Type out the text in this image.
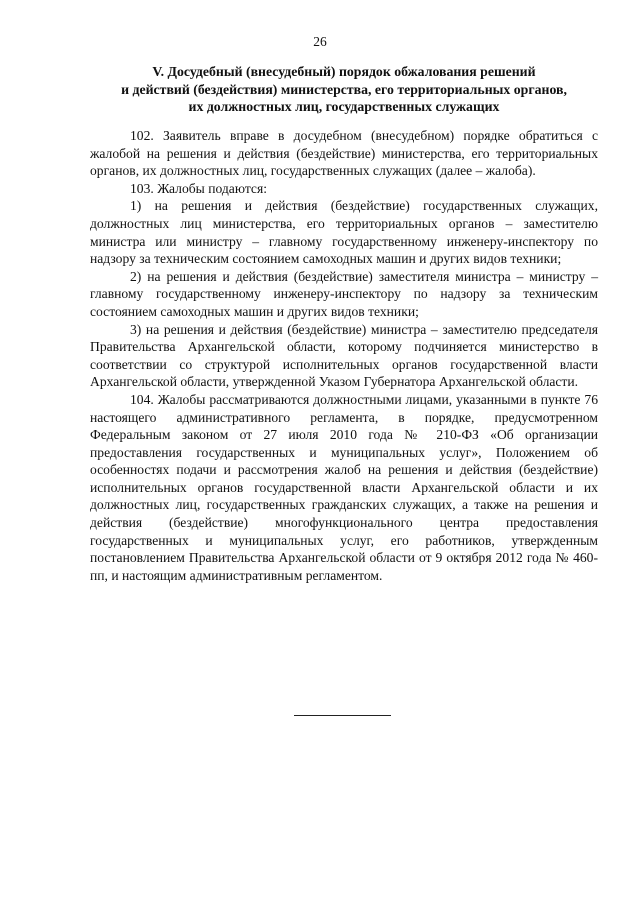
26
V. Досудебный (внесудебный) порядок обжалования решений
и действий (бездействия) министерства, его территориальных органов,
их должностных лиц, государственных служащих

102. Заявитель вправе в досудебном (внесудебном) порядке обратиться с жалобой на решения и действия (бездействие) министерства, его территориальных органов, их должностных лиц, государственных служащих (далее – жалоба).

103. Жалобы подаются:

1) на решения и действия (бездействие) государственных служащих, должностных лиц министерства, его территориальных органов – заместителю министра или министру – главному государственному инженеру-инспектору по надзору за техническим состоянием самоходных машин и других видов техники;

2) на решения и действия (бездействие) заместителя министра – министру – главному государственному инженеру-инспектору по надзору за техническим состоянием самоходных машин и других видов техники;

3) на решения и действия (бездействие) министра – заместителю председателя Правительства Архангельской области, которому подчиняется министерство в соответствии со структурой исполнительных органов государственной власти Архангельской области, утвержденной Указом Губернатора Архангельской области.

104. Жалобы рассматриваются должностными лицами, указанными в пункте 76 настоящего административного регламента, в порядке, предусмотренном Федеральным законом от 27 июля 2010 года № 210-ФЗ «Об организации предоставления государственных и муниципальных услуг», Положением об особенностях подачи и рассмотрения жалоб на решения и действия (бездействие) исполнительных органов государственной власти Архангельской области и их должностных лиц, государственных гражданских служащих, а также на решения и действия (бездействие) многофункционального центра предоставления государственных и муниципальных услуг, его работников, утвержденным постановлением Правительства Архангельской области от 9 октября 2012 года № 460-пп, и настоящим административным регламентом.
